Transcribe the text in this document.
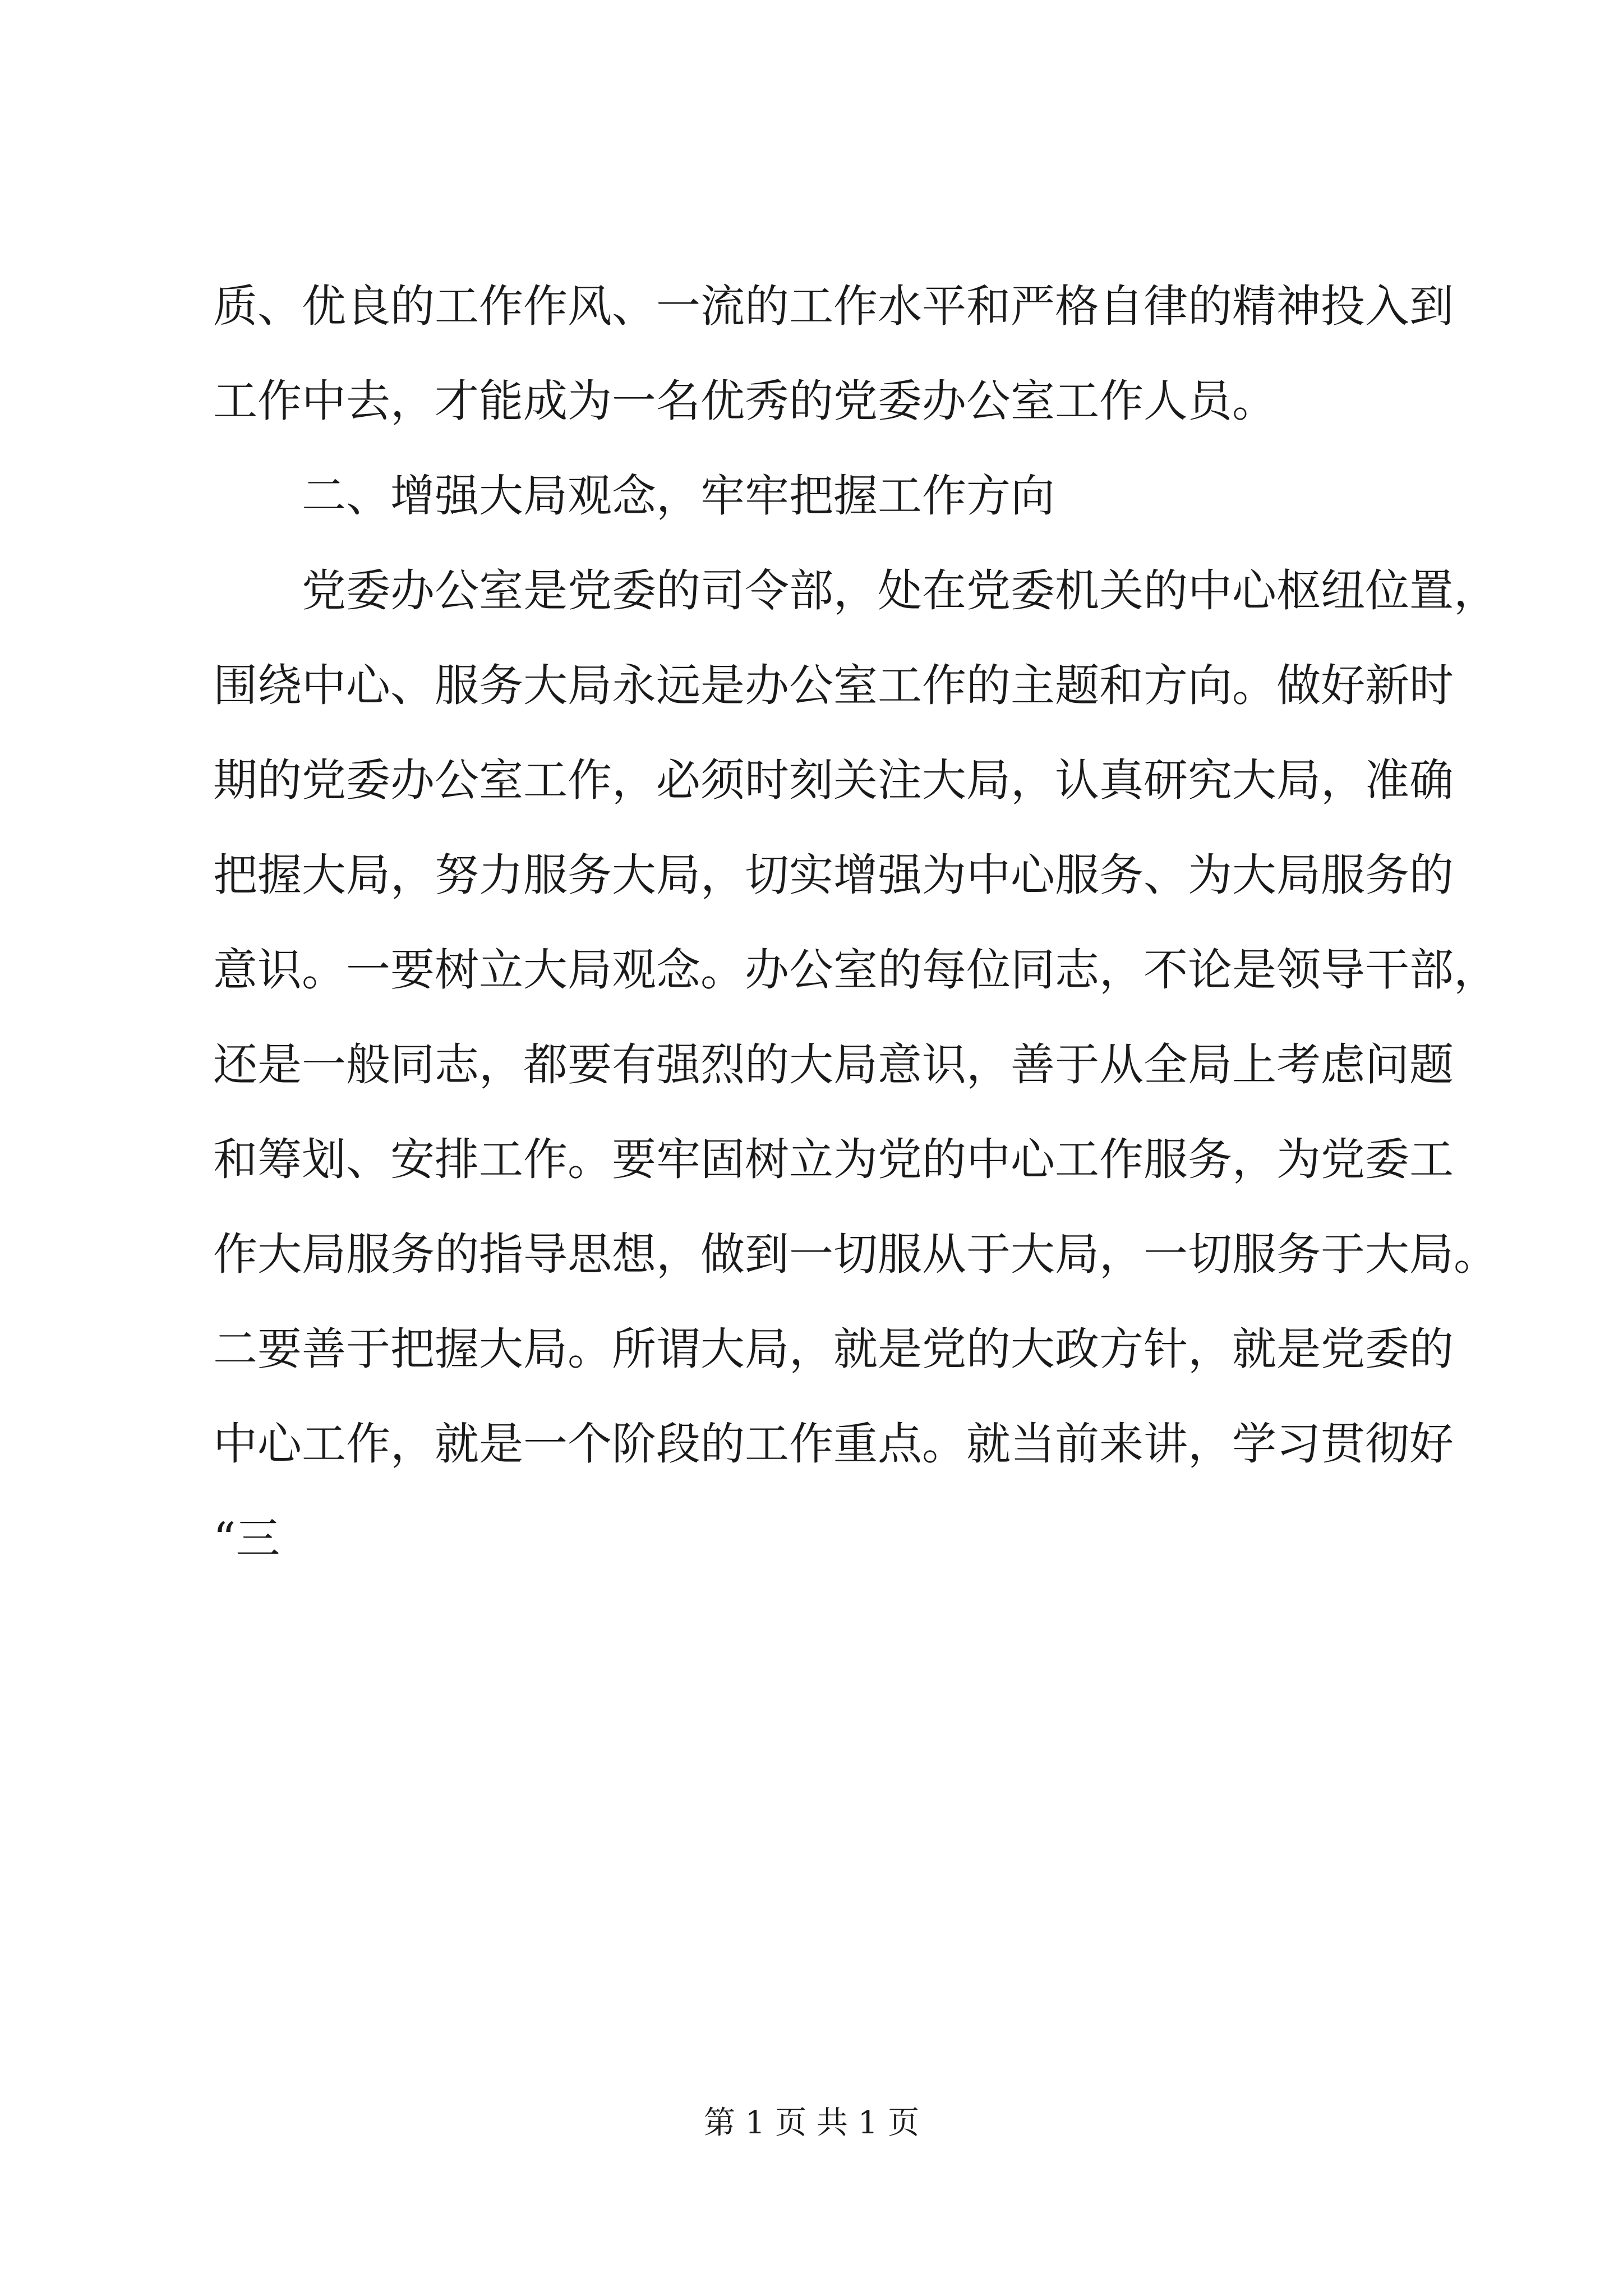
质、优良的工作作风、一流的工作水平和严格自律的精神投入到
工作中去，才能成为一名优秀的党委办公室工作人员。
二、增强大局观念，牢牢把握工作方向
党委办公室是党委的司令部，处在党委机关的中心枢纽位置，
围绕中心、服务大局永远是办公室工作的主题和方向。做好新时
期的党委办公室工作，必须时刻关注大局，认真研究大局，准确
把握大局，努力服务大局，切实增强为中心服务、为大局服务的
意识。一要树立大局观念。办公室的每位同志，不论是领导干部，
还是一般同志，都要有强烈的大局意识，善于从全局上考虑问题
和筹划、安排工作。要牢固树立为党的中心工作服务，为党委工
作大局服务的指导思想，做到一切服从于大局，一切服务于大局。
二要善于把握大局。所谓大局，就是党的大政方针，就是党委的
中心工作，就是一个阶段的工作重点。就当前来讲，学习贯彻好
“三
第 1 页 共 1 页
